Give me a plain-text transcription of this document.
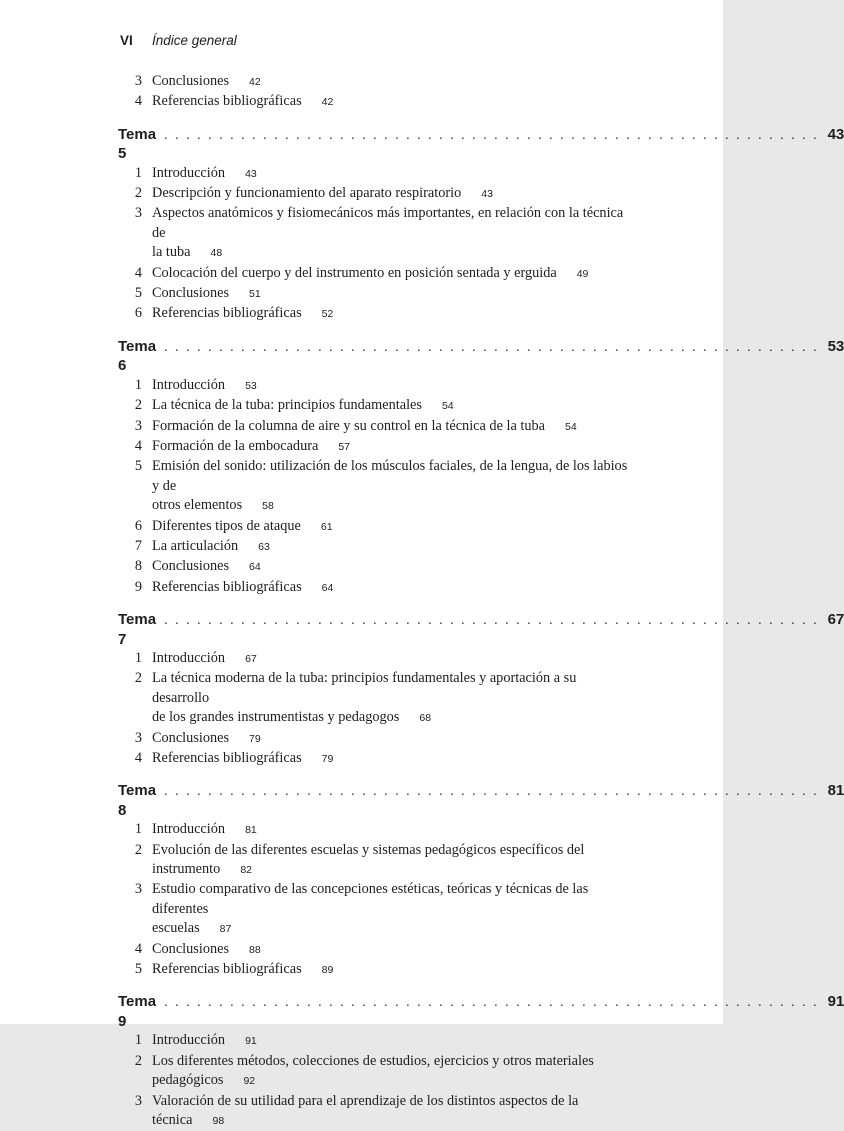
VI	Índice general
3 Conclusiones 42
4 Referencias bibliográficas 42
Tema 5
. . .
43
1 Introducción 43
2 Descripción y funcionamiento del aparato respiratorio 43
3 Aspectos anatómicos y fisiomecánicos más importantes, en relación con la técnica de
la tuba 48
4 Colocación del cuerpo y del instrumento en posición sentada y erguida 49
5 Conclusiones 51
6 Referencias bibliográficas 52
Tema 6
. . .
53
1 Introducción 53
2 La técnica de la tuba: principios fundamentales 54
3 Formación de la columna de aire y su control en la técnica de la tuba 54
4 Formación de la embocadura 57
5 Emisión del sonido: utilización de los músculos faciales, de la lengua, de los labios y de
otros elementos 58
6 Diferentes tipos de ataque 61
7 La articulación 63
8 Conclusiones 64
9 Referencias bibliográficas 64
Tema 7
. . .
67
1 Introducción 67
2 La técnica moderna de la tuba: principios fundamentales y aportación a su desarrollo
de los grandes instrumentistas y pedagogos 68
3 Conclusiones 79
4 Referencias bibliográficas 79
Tema 8
. . .
81
1 Introducción 81
2 Evolución de las diferentes escuelas y sistemas pedagógicos específicos del
instrumento 82
3 Estudio comparativo de las concepciones estéticas, teóricas y técnicas de las diferentes
escuelas 87
4 Conclusiones 88
5 Referencias bibliográficas 89
Tema 9
. . .
91
1 Introducción 91
2 Los diferentes métodos, colecciones de estudios, ejercicios y otros materiales
pedagógicos 92
3 Valoración de su utilidad para el aprendizaje de los distintos aspectos de la
técnica 98
